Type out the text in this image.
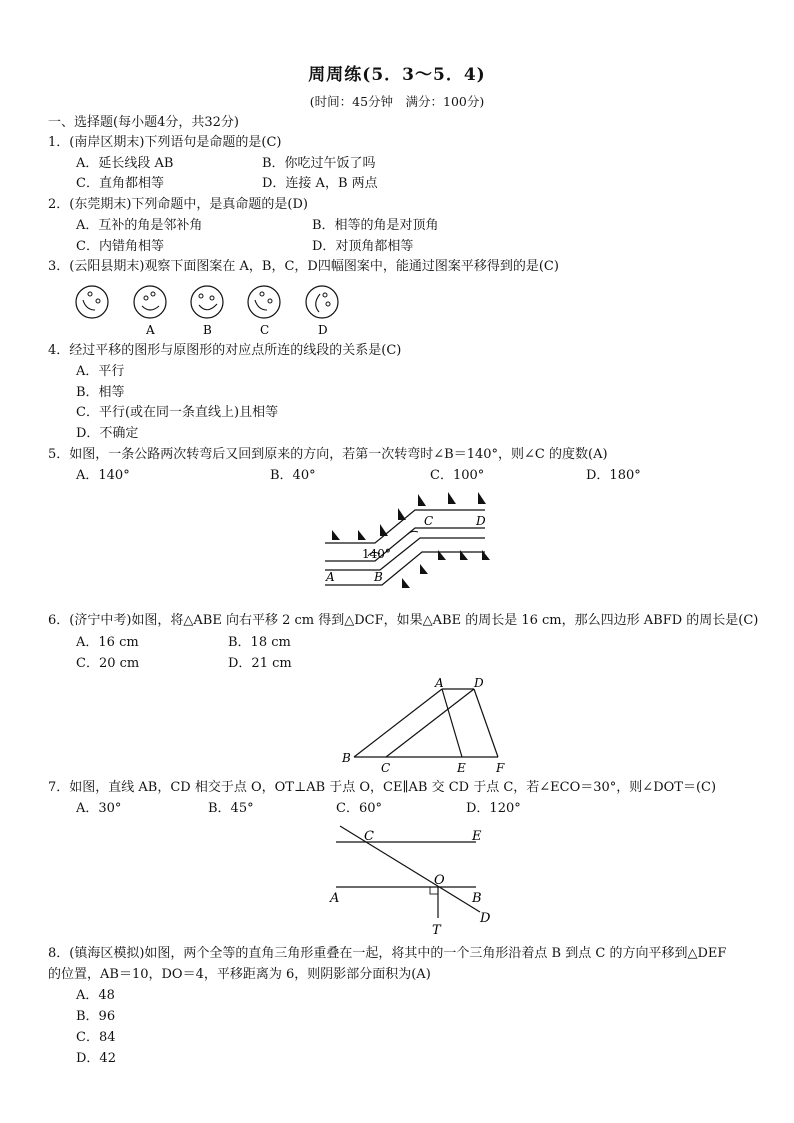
周周练(5．3～5．4)
(时间：45分钟　满分：100分)
一、选择题(每小题4分，共32分)
1．(南岸区期末)下列语句是命题的是(C)
A．延长线段 AB	B．你吃过午饭了吗
C．直角都相等	D．连接 A，B 两点
2．(东莞期末)下列命题中，是真命题的是(D)
A．互补的角是邻补角	B．相等的角是对顶角
C．内错角相等	D．对顶角都相等
3．(云阳县期末)观察下面图案在 A，B，C，D四幅图案中，能通过图案平移得到的是(C)
A	B	C	D
4．经过平移的图形与原图形的对应点所连的线段的关系是(C)
A．平行
B．相等
C．平行(或在同一条直线上)且相等
D．不确定
5．如图，一条公路两次转弯后又回到原来的方向，若第一次转弯时∠B＝140°，则∠C 的度数(A)
A．140°	B．40°	C．100°	D．180°
140°
A	B
C	D
6．(济宁中考)如图，将△ABE 向右平移 2 cm 得到△DCF，如果△ABE 的周长是 16 cm，那么四边形 ABFD 的周长是(C)
A．16 cm	B．18 cm
C．20 cm	D．21 cm
A	D
B
C	E	F
7．如图，直线 AB，CD 相交于点 O，OT⊥AB 于点 O，CE∥AB 交 CD 于点 C，若∠ECO＝30°，则∠DOT＝(C)
A．30°	B．45°	C．60°	D．120°
C	E
O
A	B
D
T
8．(镇海区模拟)如图，两个全等的直角三角形重叠在一起，将其中的一个三角形沿着点 B 到点 C 的方向平移到△DEF
的位置，AB＝10，DO＝4，平移距离为 6，则阴影部分面积为(A)
A．48
B．96
C．84
D．42
